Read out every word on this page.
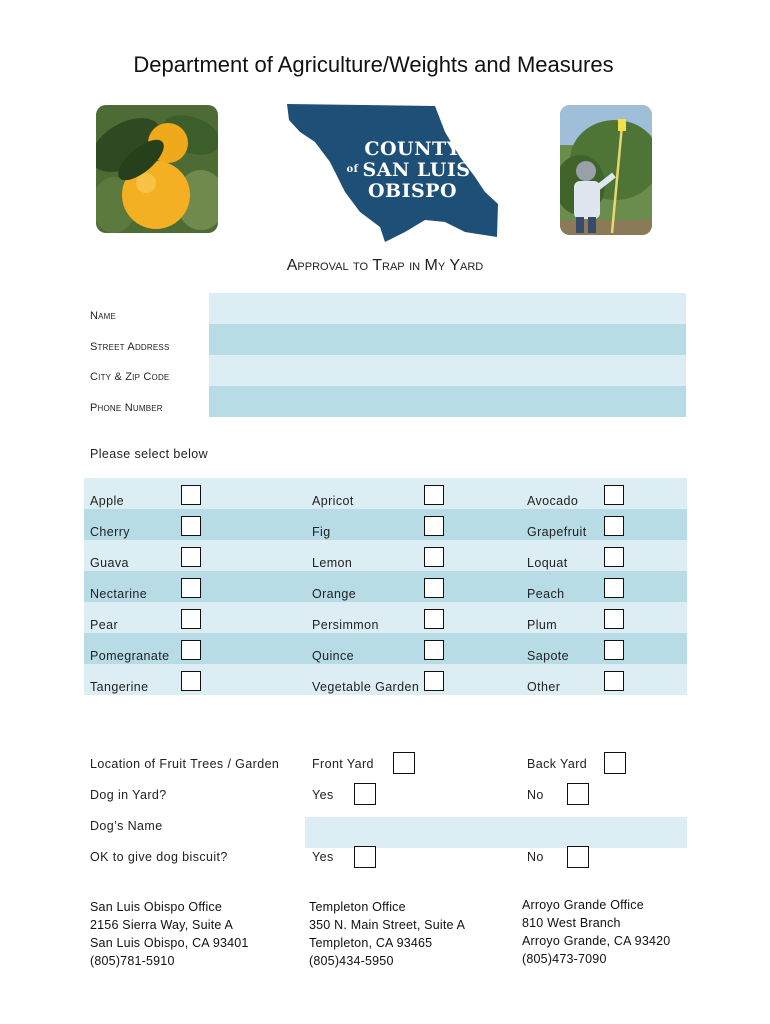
Department of Agriculture/Weights and Measures
COUNTY
of SAN LUIS
OBISPO
Approval to Trap in My Yard
Name
Street Address
City & Zip Code
Phone Number
Please select below
Apple	Apricot	Avocado
Cherry	Fig	Grapefruit
Guava	Lemon	Loquat
Nectarine	Orange	Peach
Pear	Persimmon	Plum
Pomegranate	Quince	Sapote
Tangerine	Vegetable Garden	Other
Location of Fruit Trees / Garden	Front Yard	Back Yard
Dog in Yard?	Yes	No
Dog’s Name
OK to give dog biscuit?	Yes	No
San Luis Obispo Office
2156 Sierra Way, Suite A
San Luis Obispo, CA 93401
(805)781-5910
Templeton Office
350 N. Main Street, Suite A
Templeton, CA 93465
(805)434-5950
Arroyo Grande Office
810 West Branch
Arroyo Grande, CA 93420
(805)473-7090
